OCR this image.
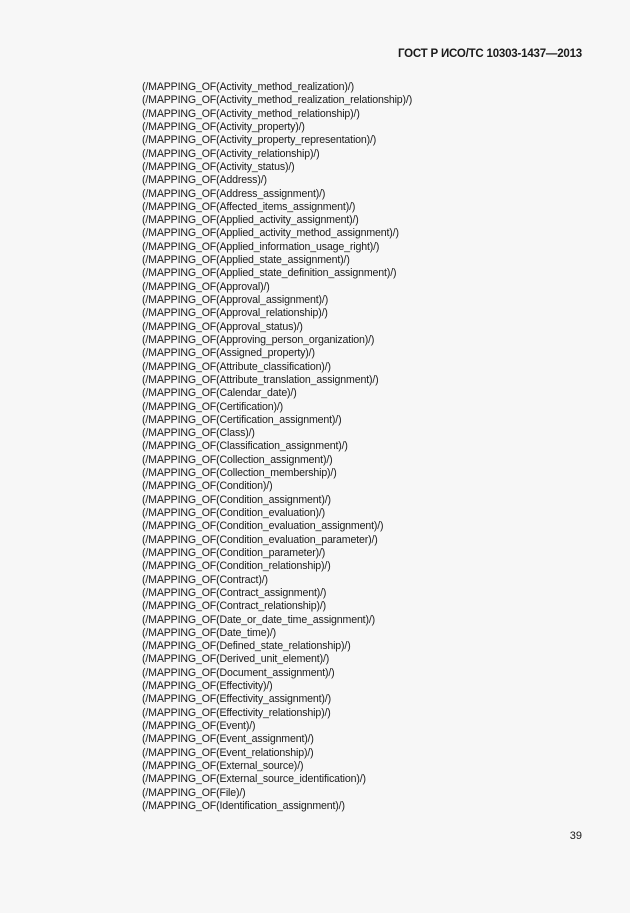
ГОСТ Р ИСО/ТС 10303-1437—2013
(/MAPPING_OF(Activity_method_realization)/)
(/MAPPING_OF(Activity_method_realization_relationship)/)
(/MAPPING_OF(Activity_method_relationship)/)
(/MAPPING_OF(Activity_property)/)
(/MAPPING_OF(Activity_property_representation)/)
(/MAPPING_OF(Activity_relationship)/)
(/MAPPING_OF(Activity_status)/)
(/MAPPING_OF(Address)/)
(/MAPPING_OF(Address_assignment)/)
(/MAPPING_OF(Affected_items_assignment)/)
(/MAPPING_OF(Applied_activity_assignment)/)
(/MAPPING_OF(Applied_activity_method_assignment)/)
(/MAPPING_OF(Applied_information_usage_right)/)
(/MAPPING_OF(Applied_state_assignment)/)
(/MAPPING_OF(Applied_state_definition_assignment)/)
(/MAPPING_OF(Approval)/)
(/MAPPING_OF(Approval_assignment)/)
(/MAPPING_OF(Approval_relationship)/)
(/MAPPING_OF(Approval_status)/)
(/MAPPING_OF(Approving_person_organization)/)
(/MAPPING_OF(Assigned_property)/)
(/MAPPING_OF(Attribute_classification)/)
(/MAPPING_OF(Attribute_translation_assignment)/)
(/MAPPING_OF(Calendar_date)/)
(/MAPPING_OF(Certification)/)
(/MAPPING_OF(Certification_assignment)/)
(/MAPPING_OF(Class)/)
(/MAPPING_OF(Classification_assignment)/)
(/MAPPING_OF(Collection_assignment)/)
(/MAPPING_OF(Collection_membership)/)
(/MAPPING_OF(Condition)/)
(/MAPPING_OF(Condition_assignment)/)
(/MAPPING_OF(Condition_evaluation)/)
(/MAPPING_OF(Condition_evaluation_assignment)/)
(/MAPPING_OF(Condition_evaluation_parameter)/)
(/MAPPING_OF(Condition_parameter)/)
(/MAPPING_OF(Condition_relationship)/)
(/MAPPING_OF(Contract)/)
(/MAPPING_OF(Contract_assignment)/)
(/MAPPING_OF(Contract_relationship)/)
(/MAPPING_OF(Date_or_date_time_assignment)/)
(/MAPPING_OF(Date_time)/)
(/MAPPING_OF(Defined_state_relationship)/)
(/MAPPING_OF(Derived_unit_element)/)
(/MAPPING_OF(Document_assignment)/)
(/MAPPING_OF(Effectivity)/)
(/MAPPING_OF(Effectivity_assignment)/)
(/MAPPING_OF(Effectivity_relationship)/)
(/MAPPING_OF(Event)/)
(/MAPPING_OF(Event_assignment)/)
(/MAPPING_OF(Event_relationship)/)
(/MAPPING_OF(External_source)/)
(/MAPPING_OF(External_source_identification)/)
(/MAPPING_OF(File)/)
(/MAPPING_OF(Identification_assignment)/)
39
